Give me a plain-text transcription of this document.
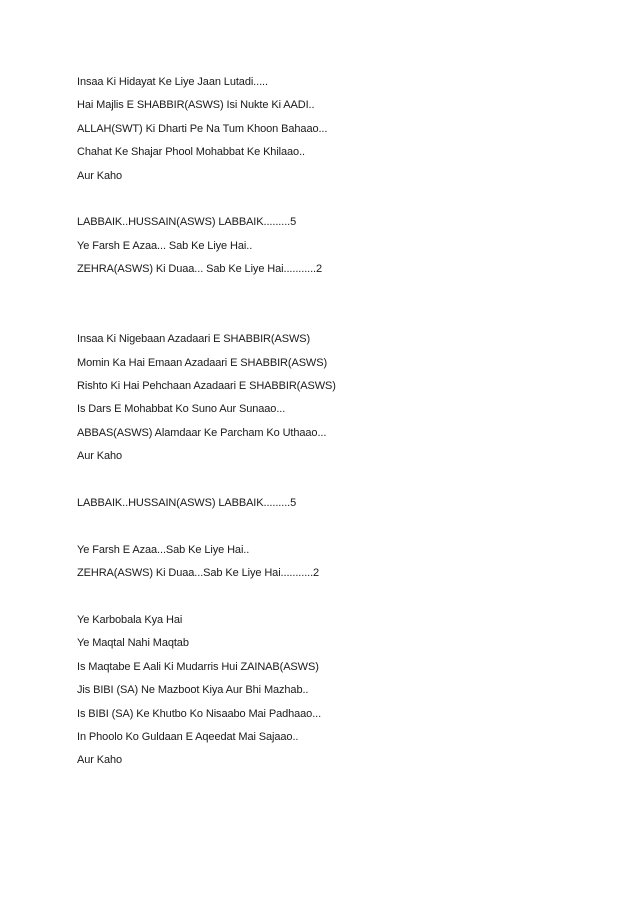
Insaa Ki Hidayat Ke Liye Jaan Lutadi.....
Hai Majlis E SHABBIR(ASWS) Isi Nukte Ki AADI..
ALLAH(SWT) Ki Dharti Pe Na Tum Khoon Bahaao...
Chahat Ke Shajar Phool Mohabbat Ke Khilaao..
Aur Kaho
LABBAIK..HUSSAIN(ASWS) LABBAIK.........5
Ye Farsh E Azaa... Sab Ke Liye Hai..
ZEHRA(ASWS) Ki Duaa... Sab Ke Liye Hai...........2
Insaa Ki Nigebaan Azadaari E SHABBIR(ASWS)
Momin Ka Hai Emaan Azadaari E SHABBIR(ASWS)
Rishto Ki Hai Pehchaan Azadaari E SHABBIR(ASWS)
Is Dars E Mohabbat Ko Suno Aur Sunaao...
ABBAS(ASWS) Alamdaar Ke Parcham Ko Uthaao...
Aur Kaho
LABBAIK..HUSSAIN(ASWS) LABBAIK.........5
Ye Farsh E Azaa...Sab Ke Liye Hai..
ZEHRA(ASWS) Ki Duaa...Sab Ke Liye Hai...........2
Ye Karbobala Kya Hai
Ye Maqtal Nahi Maqtab
Is Maqtabe E Aali Ki Mudarris Hui ZAINAB(ASWS)
Jis BIBI (SA) Ne Mazboot Kiya Aur Bhi Mazhab..
Is BIBI (SA) Ke Khutbo Ko Nisaabo Mai Padhaao...
In Phoolo Ko Guldaan E Aqeedat Mai Sajaao..
Aur Kaho
